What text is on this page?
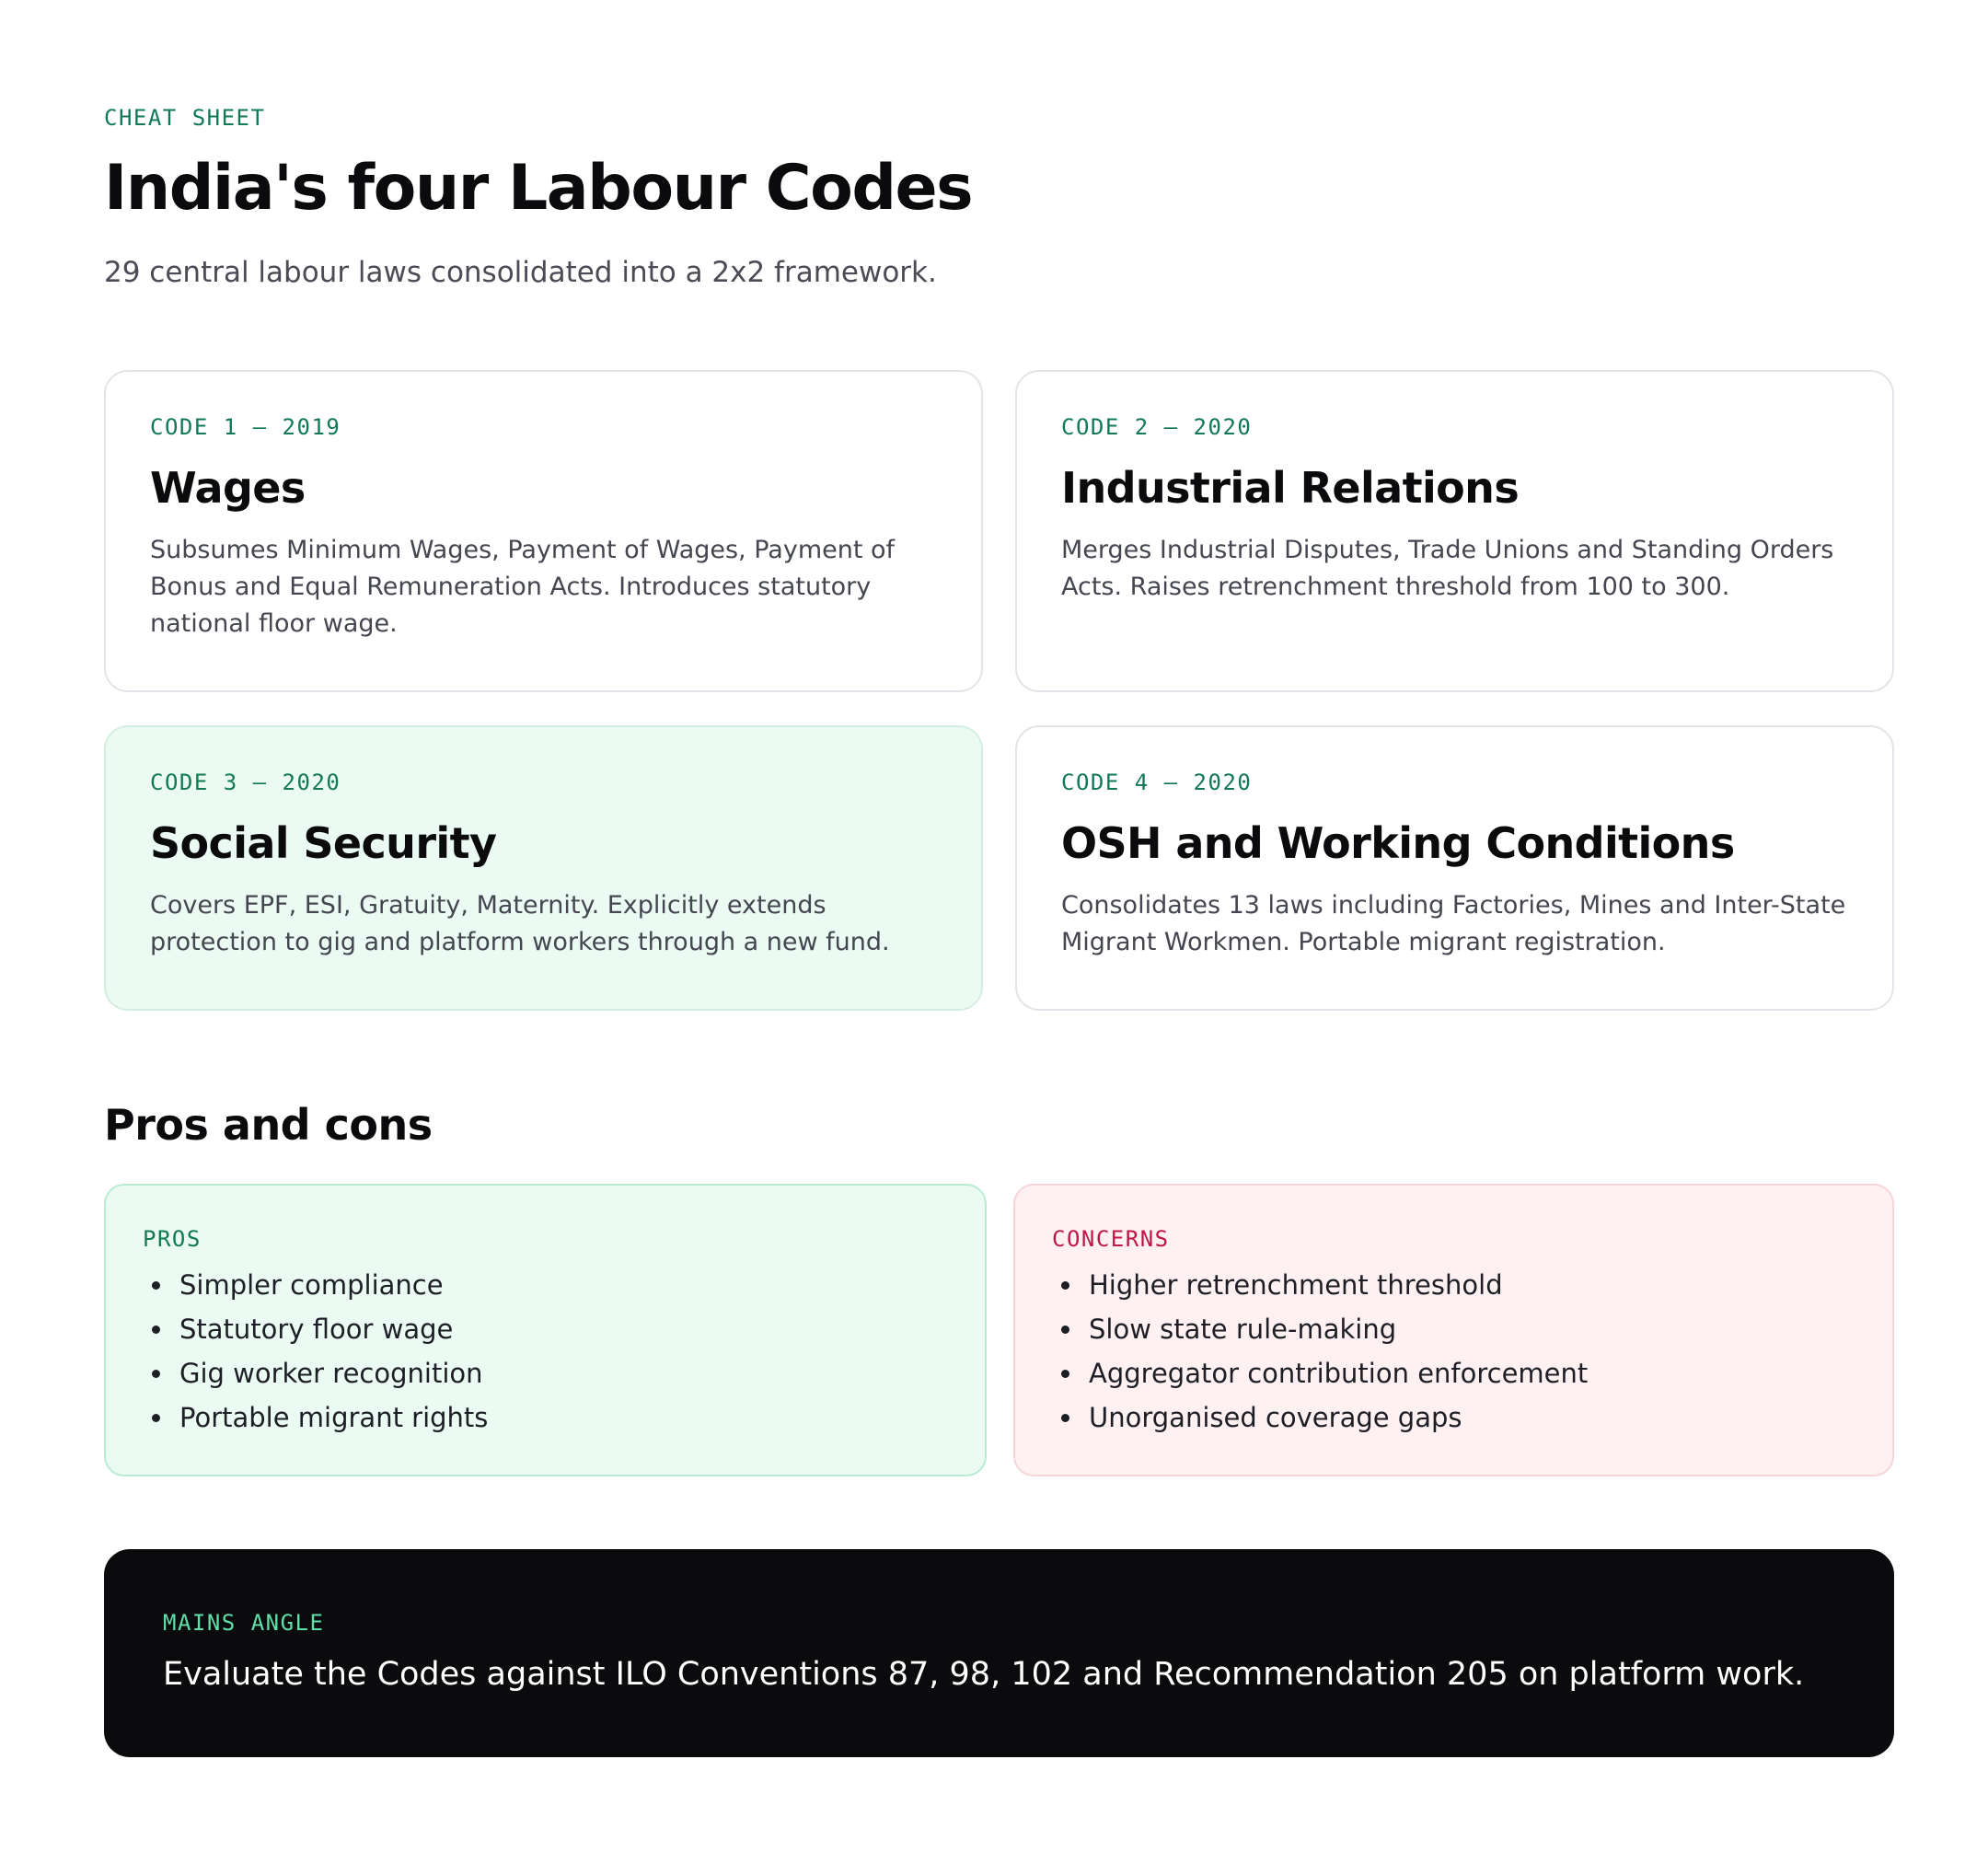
CHEAT SHEET
India's four Labour Codes
29 central labour laws consolidated into a 2x2 framework.
CODE 1 — 2019
Wages
Subsumes Minimum Wages, Payment of Wages, Payment of Bonus and Equal Remuneration Acts. Introduces statutory national floor wage.
CODE 2 — 2020
Industrial Relations
Merges Industrial Disputes, Trade Unions and Standing Orders Acts. Raises retrenchment threshold from 100 to 300.
CODE 3 — 2020
Social Security
Covers EPF, ESI, Gratuity, Maternity. Explicitly extends protection to gig and platform workers through a new fund.
CODE 4 — 2020
OSH and Working Conditions
Consolidates 13 laws including Factories, Mines and Inter-State Migrant Workmen. Portable migrant registration.
Pros and cons
PROS
Simpler compliance
Statutory floor wage
Gig worker recognition
Portable migrant rights
CONCERNS
Higher retrenchment threshold
Slow state rule-making
Aggregator contribution enforcement
Unorganised coverage gaps
MAINS ANGLE
Evaluate the Codes against ILO Conventions 87, 98, 102 and Recommendation 205 on platform work.
